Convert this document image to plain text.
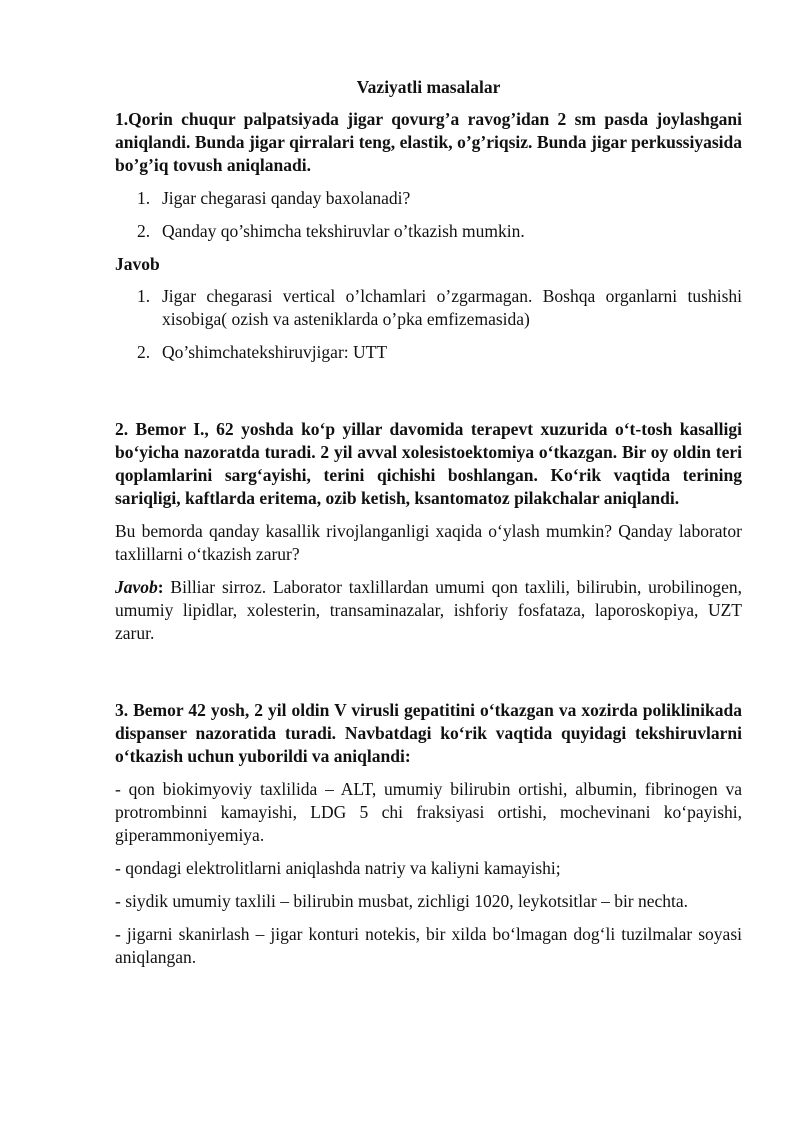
Vaziyatli masalalar

1.Qorin chuqur palpatsiyada jigar qovurg’a ravog’idan 2 sm pasda joylashgani aniqlandi. Bunda jigar qirralari teng, elastik, o’g’riqsiz. Bunda jigar perkussiyasida bo’g’iq tovush aniqlanadi.

1. Jigar chegarasi qanday baxolanadi?
2. Qanday qo’shimcha tekshiruvlar o’tkazish mumkin.

Javob

1. Jigar chegarasi vertical o’lchamlari o’zgarmagan. Boshqa organlarni tushishi xisobiga( ozish va asteniklarda o’pka emfizemasida)
2. Qo’shimchatekshiruvjigar: UTT

2. Bemor I., 62 yoshda ko‘p yillar davomida terapevt xuzurida o‘t-tosh kasalligi bo‘yicha nazoratda turadi. 2 yil avval xolesistoektomiya o‘tkazgan. Bir oy oldin teri qoplamlarini sarg‘ayishi, terini qichishi boshlangan. Ko‘rik vaqtida terining sariqligi, kaftlarda eritema, ozib ketish, ksantomatoz pilakchalar aniqlandi.

Bu bemorda qanday kasallik rivojlanganligi xaqida o‘ylash mumkin? Qanday laborator taxlillarni o‘tkazish zarur?

Javob: Billiar sirroz. Laborator taxlillardan umumi qon taxlili, bilirubin, urobilinogen, umumiy lipidlar, xolesterin, transaminazalar, ishforiy fosfataza, laporoskopiya, UZT zarur.

3. Bemor 42 yosh, 2 yil oldin V virusli gepatitini o‘tkazgan va xozirda poliklinikada dispanser nazoratida turadi. Navbatdagi ko‘rik vaqtida quyidagi tekshiruvlarni o‘tkazish uchun yuborildi va aniqlandi:

- qon biokimyoviy taxlilida – ALT, umumiy bilirubin ortishi, albumin, fibrinogen va protrombinni kamayishi, LDG 5 chi fraksiyasi ortishi, mochevinani ko‘payishi, giperammoniyemiya.

- qondagi elektrolitlarni aniqlashda natriy va kaliyni kamayishi;

- siydik umumiy taxlili – bilirubin musbat, zichligi 1020, leykotsitlar – bir nechta.

- jigarni skanirlash – jigar konturi notekis, bir xilda bo‘lmagan dog‘li tuzilmalar soyasi aniqlangan.
